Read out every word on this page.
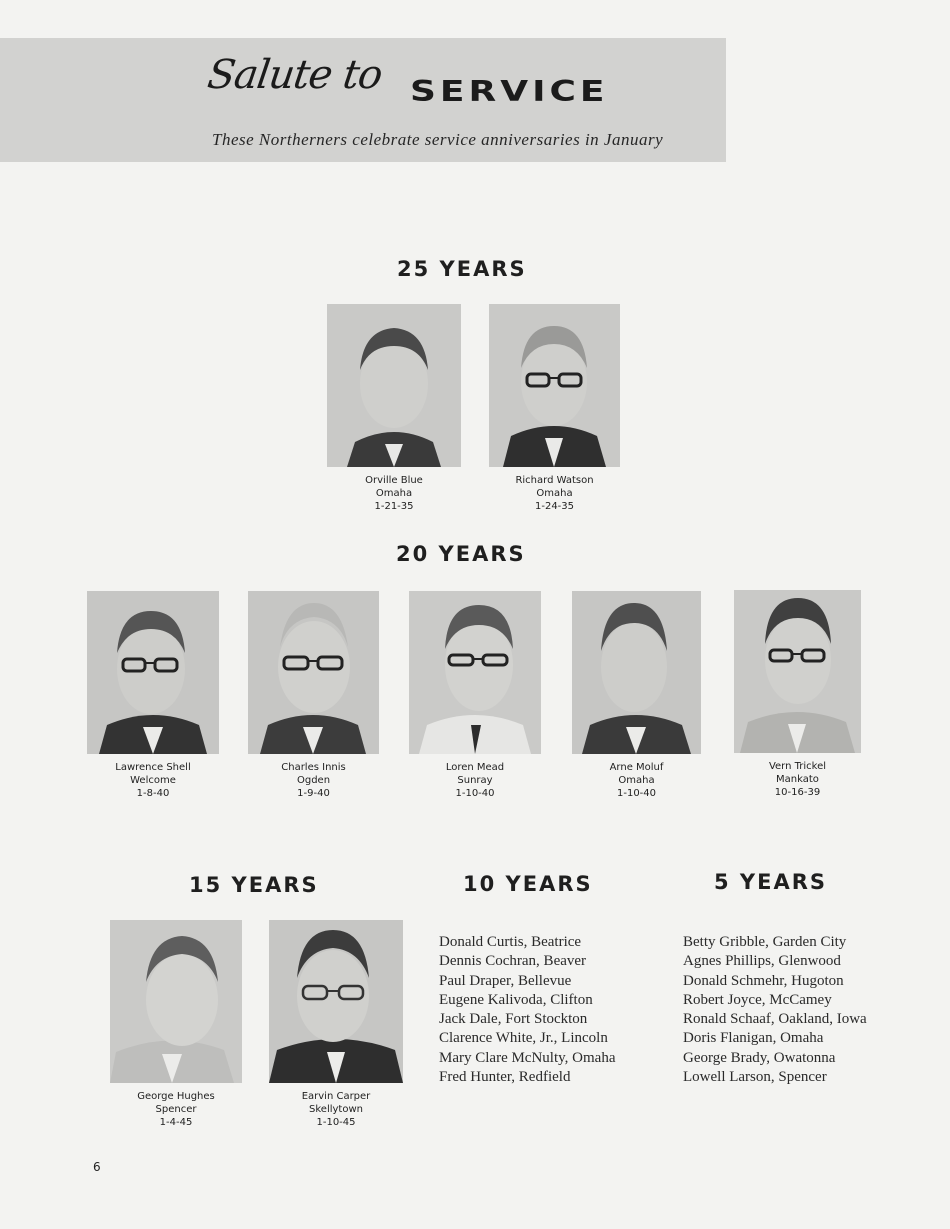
Salute to SERVICE
These Northerners celebrate service anniversaries in January
25 YEARS
Orville Blue
Omaha
1-21-35
Richard Watson
Omaha
1-24-35
20 YEARS
Lawrence Shell
Welcome
1-8-40
Charles Innis
Ogden
1-9-40
Loren Mead
Sunray
1-10-40
Arne Moluf
Omaha
1-10-40
Vern Trickel
Mankato
10-16-39
15 YEARS
George Hughes
Spencer
1-4-45
Earvin Carper
Skellytown
1-10-45
10 YEARS
Donald Curtis, Beatrice
Dennis Cochran, Beaver
Paul Draper, Bellevue
Eugene Kalivoda, Clifton
Jack Dale, Fort Stockton
Clarence White, Jr., Lincoln
Mary Clare McNulty, Omaha
Fred Hunter, Redfield
5 YEARS
Betty Gribble, Garden City
Agnes Phillips, Glenwood
Donald Schmehr, Hugoton
Robert Joyce, McCamey
Ronald Schaaf, Oakland, Iowa
Doris Flanigan, Omaha
George Brady, Owatonna
Lowell Larson, Spencer
6
